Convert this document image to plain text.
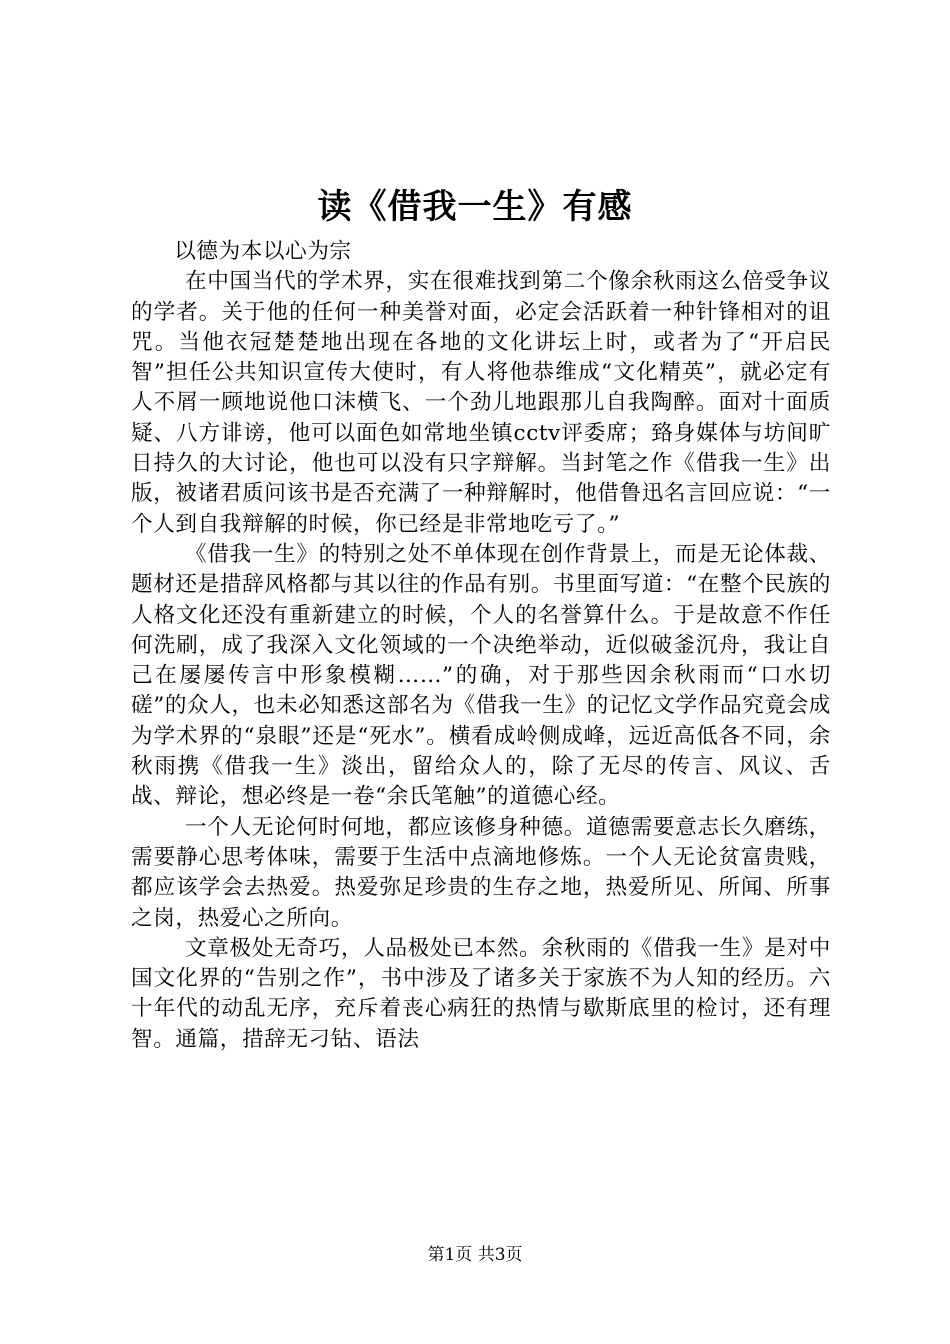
读《借我一生》有感

以德为本以心为宗

在中国当代的学术界，实在很难找到第二个像余秋雨这么倍受争议的学者。关于他的任何一种美誉对面，必定会活跃着一种针锋相对的诅咒。当他衣冠楚楚地出现在各地的文化讲坛上时，或者为了“开启民智”担任公共知识宣传大使时，有人将他恭维成“文化精英”，就必定有人不屑一顾地说他口沫横飞、一个劲儿地跟那儿自我陶醉。面对十面质疑、八方诽谤，他可以面色如常地坐镇cctv评委席；臵身媒体与坊间旷日持久的大讨论，他也可以没有只字辩解。当封笔之作《借我一生》出版，被诸君质问该书是否充满了一种辩解时，他借鲁迅名言回应说：“一个人到自我辩解的时候，你已经是非常地吃亏了。”

《借我一生》的特别之处不单体现在创作背景上，而是无论体裁、题材还是措辞风格都与其以往的作品有别。书里面写道：“在整个民族的人格文化还没有重新建立的时候，个人的名誉算什么。于是故意不作任何洗刷，成了我深入文化领域的一个决绝举动，近似破釜沉舟，我让自己在屡屡传言中形象模糊……”的确，对于那些因余秋雨而“口水切磋”的众人，也未必知悉这部名为《借我一生》的记忆文学作品究竟会成为学术界的“泉眼”还是“死水”。横看成岭侧成峰，远近高低各不同，余秋雨携《借我一生》淡出，留给众人的，除了无尽的传言、风议、舌战、辩论，想必终是一卷“余氏笔触”的道德心经。

一个人无论何时何地，都应该修身种德。道德需要意志长久磨练，需要静心思考体味，需要于生活中点滴地修炼。一个人无论贫富贵贱，都应该学会去热爱。热爱弥足珍贵的生存之地，热爱所见、所闻、所事之岗，热爱心之所向。

文章极处无奇巧，人品极处已本然。余秋雨的《借我一生》是对中国文化界的“告别之作”，书中涉及了诸多关于家族不为人知的经历。六十年代的动乱无序，充斥着丧心病狂的热情与歇斯底里的检讨，还有理智。通篇，措辞无刁钻、语法

第1页 共3页
